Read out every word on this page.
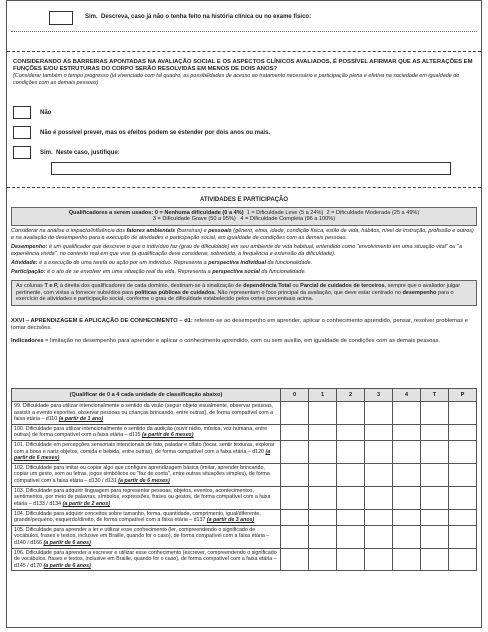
Sim. Descreva, caso já não o tenha feito na história clínica ou no exame físico:
CONSIDERANDO AS BARREIRAS APONTADAS NA AVALIAÇÃO SOCIAL E OS ASPECTOS CLÍNICOS AVALIADOS, É POSSÍVEL AFIRMAR QUE AS ALTERAÇÕES EM FUNÇÕES E/OU ESTRUTURAS DO CORPO SERÃO RESOLVIDAS EM MENOS DE DOIS ANOS?
(Considerar também o tempo progresso (já vivenciado com tal quadro, as possibilidades de acesso ao tratamento necessário e participação plena e efetiva na sociedade em igualdade de condições com as demais pessoas)
Não
Não é possível prever, mas os efeitos podem se estender por dois anos ou mais.
Sim. Neste caso, justifique:
ATIVIDADES E PARTICIPAÇÃO
Qualificadores a serem usados: 0 = Nenhuma dificuldade (0 a 4%) 1 = Dificuldade Leve (5 a 24%) 2 = Dificuldade Moderada (25 a 49%)
3 = Dificuldade Grave (50 a 95%) 4 = Dificuldade Completa (96 a 100%)
Considerar na análise o impacto/influência dos fatores ambientais (barreiras) e pessoais (gênero, etnia, idade, condição física, estilo de vida, hábitos, nível de instrução, profissão e outros) e na avaliação do desempenho para a execução de atividades e participação social, em igualdade de condições com as demais pessoas.
Desempenho: é um qualificador que descreve o que o indivíduo faz (grau de dificuldade) em seu ambiente de vida habitual, entendido como "envolvimento em uma situação vital" ou "a experiência vivida", no contexto real em que vive (a qualificação deve considerar, sobretudo, a frequência e extensão da dificuldade).
Atividade: é a execução de uma tarefa ou ação por um indivíduo. Representa a perspectiva individual da funcionalidade.
Participação: é o ato de se envolver em uma situação real da vida. Representa a perspectiva social da funcionalidade.
As colunas T e P, à direita dos qualificadores de cada domínio, destinam-se à sinalização de dependência Total ou Parcial de cuidados de terceiros, sempre que o avaliador julgar pertinente, com vistas a fornecer subsídios para políticas públicas de cuidados. Não representam o foco principal da avaliação, que deve estar centrado no desempenho para o exercício de atividades e participação social, conforme o grau de dificuldade estabelecido pelos cortes percentuais acima.
XXVI – APRENDIZAGEM E APLICAÇÃO DE CONHECIMENTO – d1: referem-se ao desempenho em aprender, aplicar o conhecimento aprendido, pensar, resolver problemas e tomar decisões.
Indicadores = limitação no desempenho para aprender e aplicar o conhecimento aprendido, com ou sem auxílio, em igualdade de condições com as demais pessoas.
(Qualificar de 0 a 4 cada unidade de classificação abaixo)	0	1	2	3	4	T	P
99. Dificuldade para utilizar intencionalmente o sentido da visão (seguir objeto visualmente, observar pessoas, assistir a evento esportivo, observar pessoas ou crianças brincando, entre outras), de forma compatível com a faixa etária – d110 (a partir de 1 ano)							
100. Dificuldade para utilizar intencionalmente o sentido da audição (ouvir rádio, música, voz humana, entre outras) de forma compatível com a faixa etária – d115 (a partir de 6 meses)							
101. Dificuldade em percepções sensoriais intencionais de tato, paladar e olfato (tocar, sentir texturas, explorar com a boca e nariz objetos, comida e bebida, entre outras), de forma compatível com a faixa etária – d120 (a partir de 6 meses)							
102. Dificuldade para imitar ou copiar algo que configure aprendizagem básica (imitar, aprender brincando, copiar um gesto, som ou letras, jogos simbólicos ou "faz de conta", entre outras situações simples), de forma compatível com a faixa etária – d130 / d131 (a partir de 6 meses)							
103. Dificuldade para adquirir linguagem para representar pessoas, objetos, eventos, acontecimentos, sentimentos, por meio de palavras, símbolos, expressões, frases ou gestos, de forma compatível com a faixa etária – d133 / d134 (a partir de 2 anos)							
104. Dificuldade para adquirir conceitos sobre tamanho, forma, quantidade, comprimento, igual/diferente, grande/pequeno, esquerdo/direito, de forma compatível com a faixa etária – d137 (a partir de 3 anos)							
105. Dificuldade para aprender a ler e utilizar esse conhecimento (ler, compreendendo o significado de vocábulos, frases e textos, inclusive em Braille, quando for o caso), de forma compatível com a faixa etária – d140 / d166 (a partir de 6 anos)							
106. Dificuldade para aprender a escrever e utilizar esse conhecimento (escrever, compreendendo o significado de vocábulos, frases e textos, inclusive em Braille, quando for o caso), de forma compatível com a faixa etária – d145 / d170 (a partir de 6 anos)							
